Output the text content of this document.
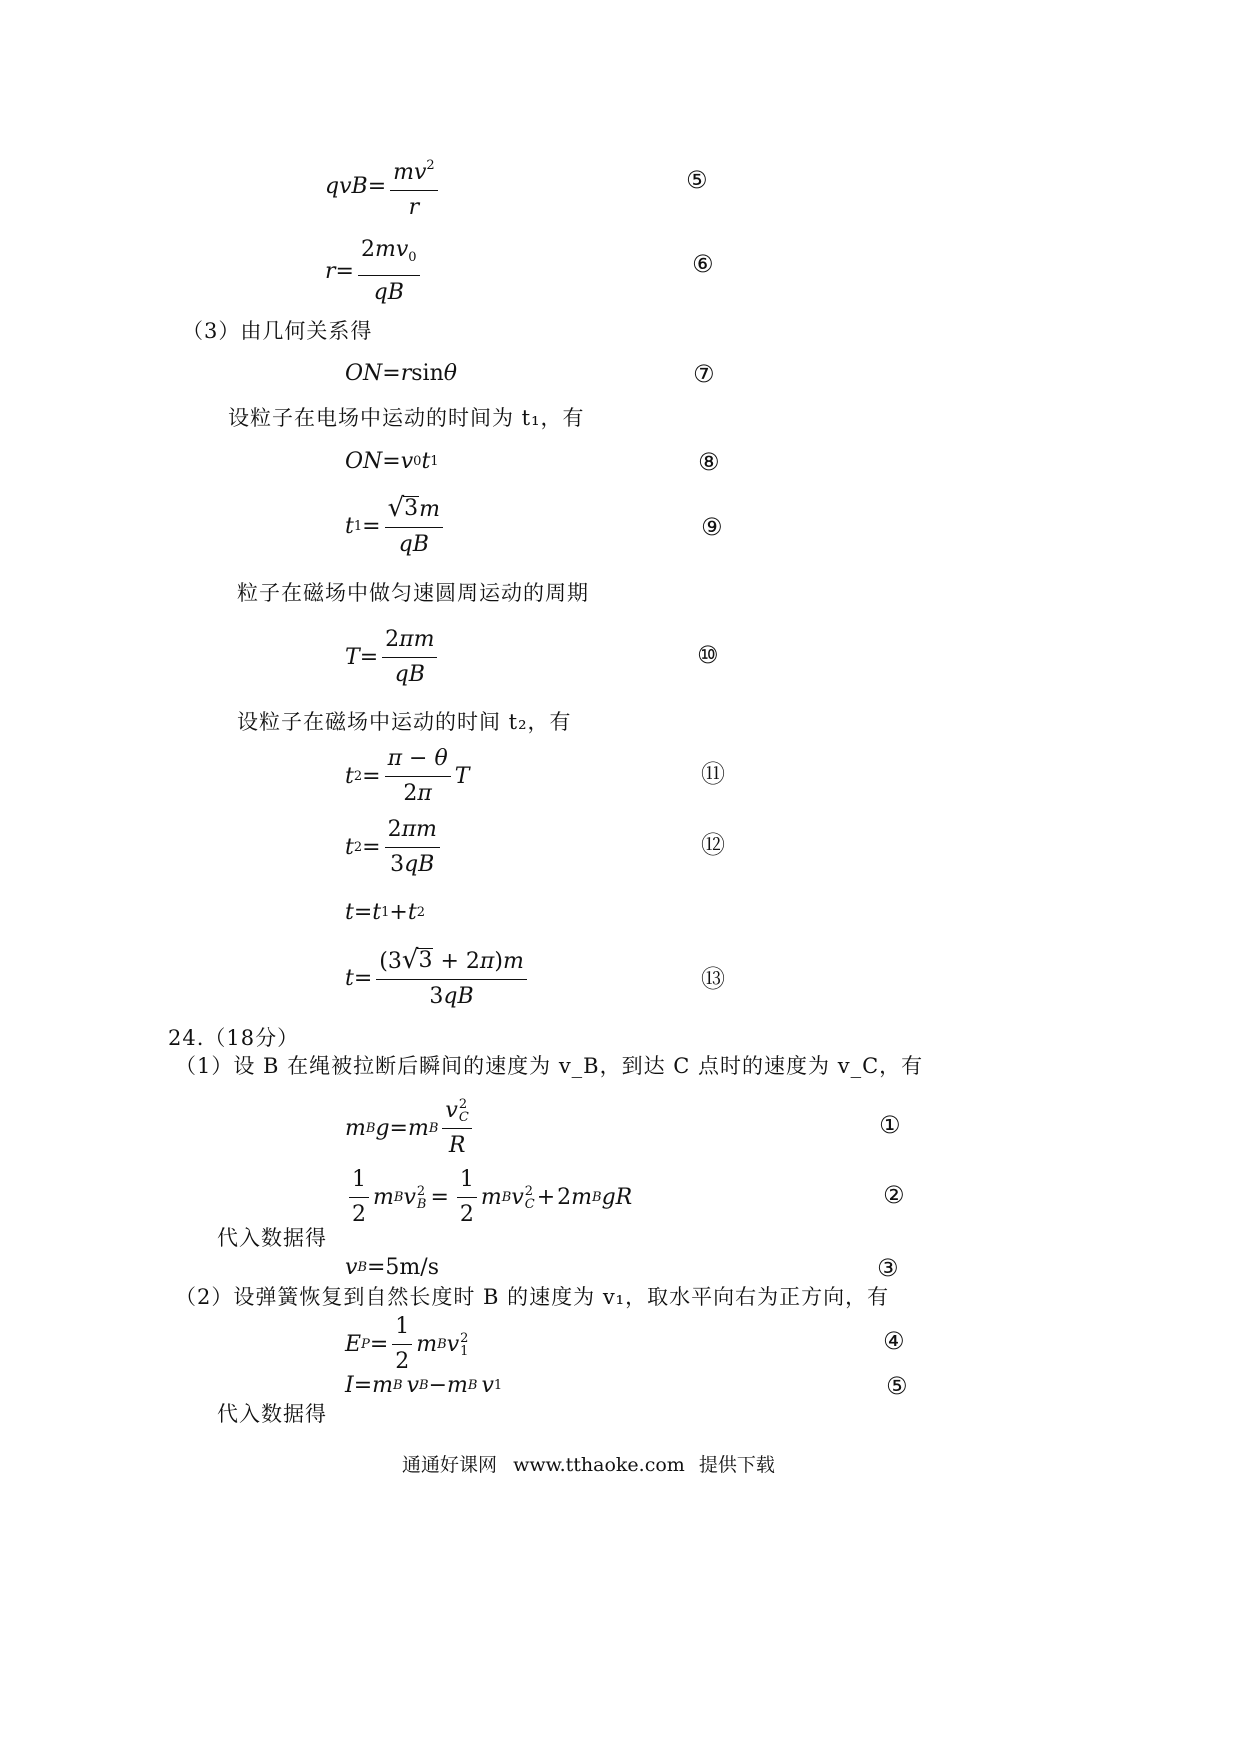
qvB = $\frac{mv^2}{r}$	⑤
$r = \frac{2mv_0}{qB}$	⑥
（3）由几何关系得
ON = r sin θ	⑦
设粒子在电场中运动的时间为 t₁，有
ON = v 0 t 1	⑧
t $1 = \frac{√ 3 m}{qB}$	⑨
粒子在磁场中做匀速圆周运动的周期
$T = \frac{2\pi m}{qB}$	⑩
设粒子在磁场中运动的时间 t₂，有
t $2 = \frac{\pi - \theta}{2\pi}$ T	⑪
t $2 = \frac{2\pi m}{3qB}$	⑫
t = t 1 + t 2
$t = \frac{(3 √ 3 + 2\pi)m}{3qB}$	⑬
24.（18分）
（1）设 B 在绳被拉断后瞬间的速度为 v_B，到达 C 点时的速度为 v_C，有
m B g = m B v 2
C
R	①
$\frac{1}{2}$ m B v 2
$B = \frac{1}{2}$ m B v 2
C + 2 m B gR	②
代入数据得
v B =5m/s	③
（2）设弹簧恢复到自然长度时 B 的速度为 v₁，取水平向右为正方向，有
E $P = \frac{1}{2}$ m B v 2
1	④
I = m B v B − m B v 1	⑤
代入数据得
通通好课网 www.tthaoke.com 提供下载
